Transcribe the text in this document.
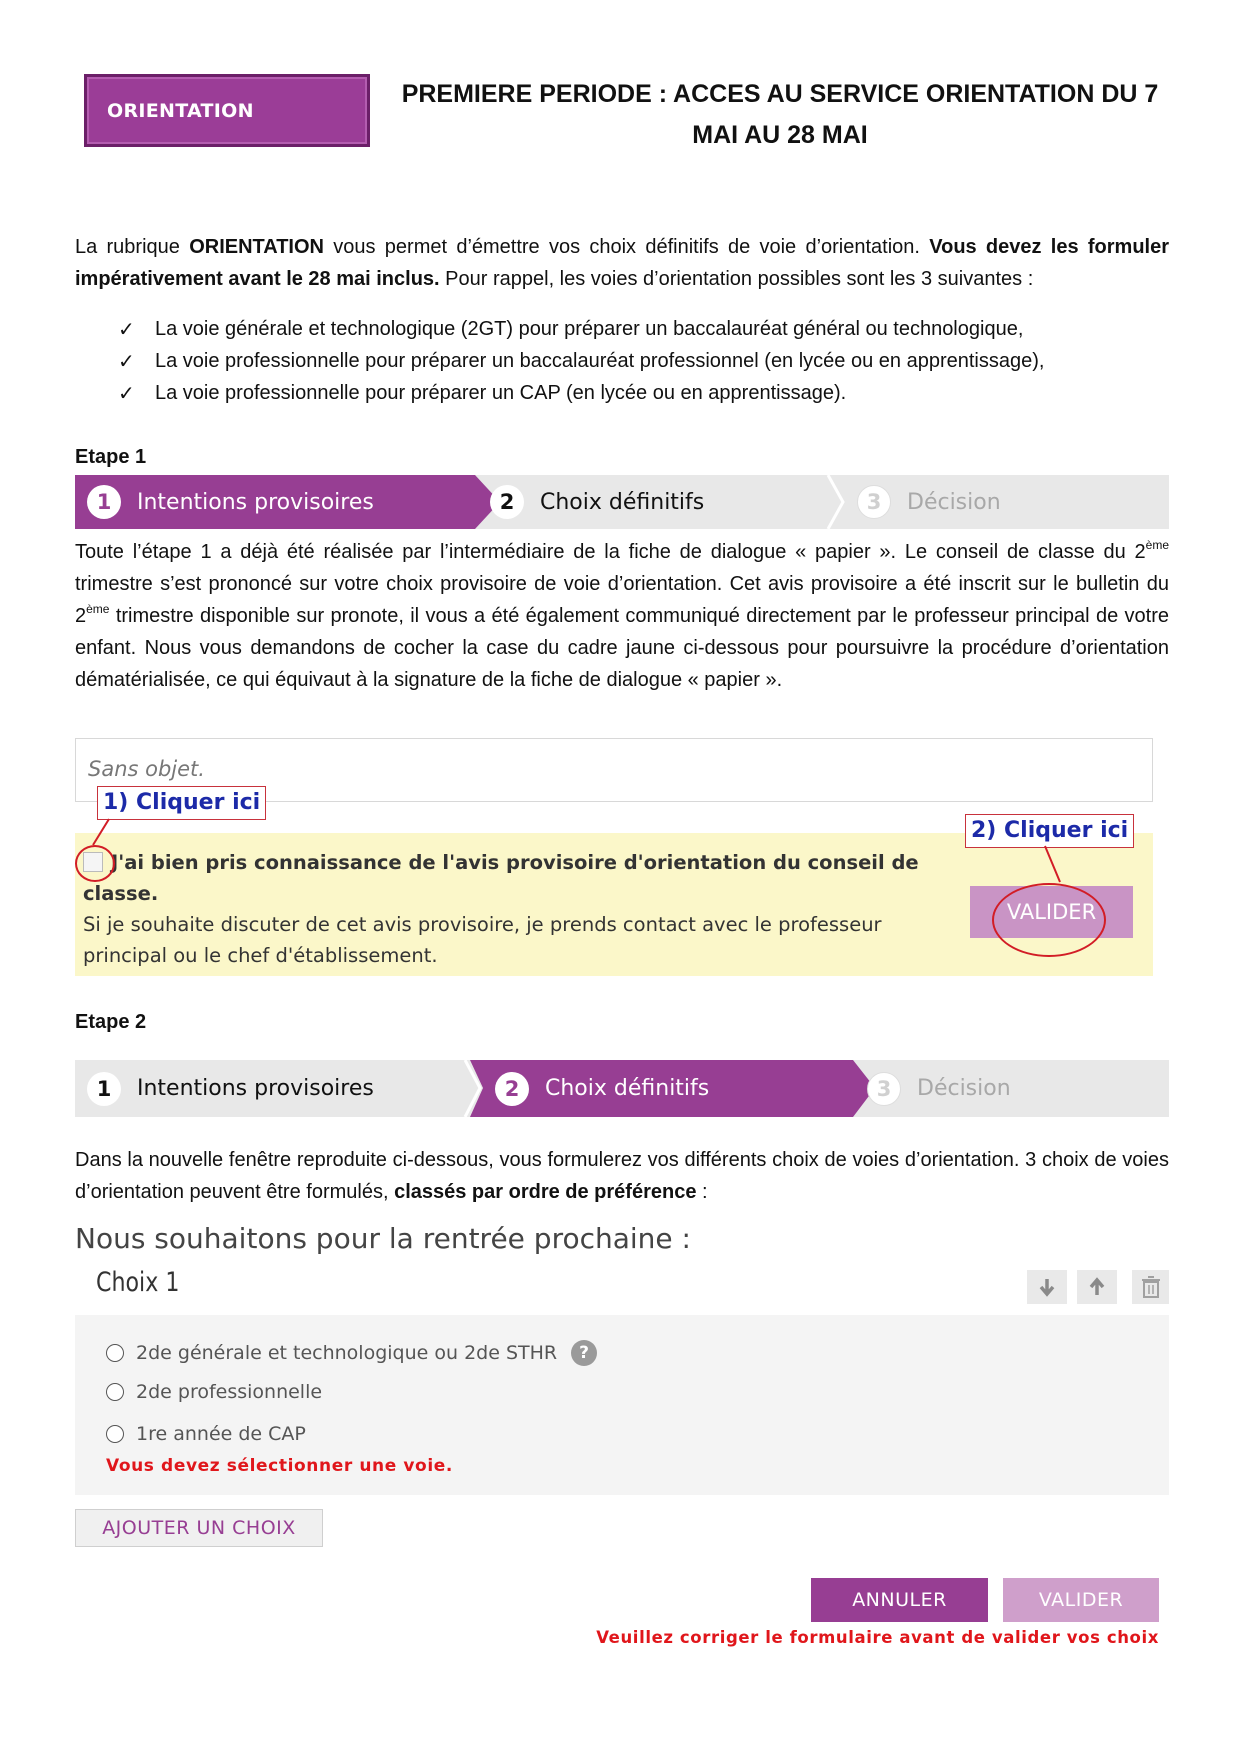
ORIENTATION
PREMIERE PERIODE : ACCES AU SERVICE ORIENTATION DU 7
MAI AU 28 MAI

La rubrique ORIENTATION vous permet d’émettre vos choix définitifs de voie d’orientation. Vous devez les formuler impérativement avant le 28 mai inclus. Pour rappel, les voies d’orientation possibles sont les 3 suivantes :

✓ La voie générale et technologique (2GT) pour préparer un baccalauréat général ou technologique,
✓ La voie professionnelle pour préparer un baccalauréat professionnel (en lycée ou en apprentissage),
✓ La voie professionnelle pour préparer un CAP (en lycée ou en apprentissage).
Etape 1
1	Intentions provisoires	2	Choix définitifs	3	Décision

Toute l’étape 1 a déjà été réalisée par l’intermédiaire de la fiche de dialogue « papier ». Le conseil de classe du 2ème trimestre s’est prononcé sur votre choix provisoire de voie d’orientation. Cet avis provisoire a été inscrit sur le bulletin du 2ème trimestre disponible sur pronote, il vous a été également communiqué directement par le professeur principal de votre enfant. Nous vous demandons de cocher la case du cadre jaune ci-dessous pour poursuivre la procédure d’orientation dématérialisée, ce qui équivaut à la signature de la fiche de dialogue « papier ».

Sans objet.
J'ai bien pris connaissance de l'avis provisoire d'orientation du conseil de classe.
Si je souhaite discuter de cet avis provisoire, je prends contact avec le professeur principal ou le chef d'établissement.
VALIDER
1) Cliquer ici
2) Cliquer ici
Etape 2
1	Intentions provisoires	2	Choix définitifs	3	Décision

Dans la nouvelle fenêtre reproduite ci-dessous, vous formulerez vos différents choix de voies d’orientation. 3 choix de voies d’orientation peuvent être formulés, classés par ordre de préférence :

Nous souhaitons pour la rentrée prochaine :
Choix 1
2de générale et technologique ou 2de STHR	?
2de professionnelle
1re année de CAP
Vous devez sélectionner une voie.
AJOUTER UN CHOIX
ANNULER	VALIDER
Veuillez corriger le formulaire avant de valider vos choix
